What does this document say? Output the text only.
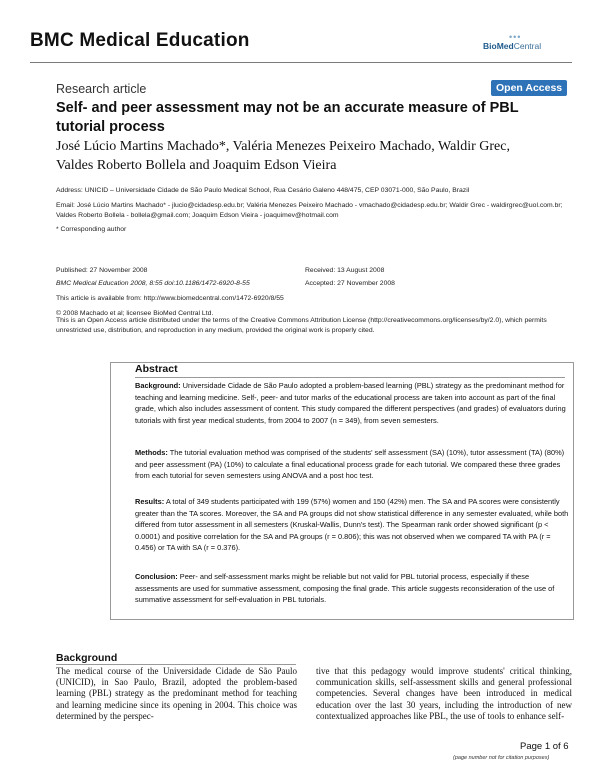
BMC Medical Education	•••
BioMedCentral
Research article	Open Access
Self- and peer assessment may not be an accurate measure of PBL tutorial process
José Lúcio Martins Machado*, Valéria Menezes Peixeiro Machado, Waldir Grec, Valdes Roberto Bollela and Joaquim Edson Vieira
Address: UNICID – Universidade Cidade de São Paulo Medical School, Rua Cesário Galeno 448/475, CEP 03071-000, São Paulo, Brazil
Email: José Lúcio Martins Machado* - jlucio@cidadesp.edu.br; Valéria Menezes Peixeiro Machado - vmachado@cidadesp.edu.br; Waldir Grec - waldirgrec@uol.com.br; Valdes Roberto Bollela - bollela@gmail.com; Joaquim Edson Vieira - joaquimev@hotmail.com
* Corresponding author
Published: 27 November 2008
BMC Medical Education 2008, 8:55 doi:10.1186/1472-6920-8-55
Received: 13 August 2008
Accepted: 27 November 2008
This article is available from: http://www.biomedcentral.com/1472-6920/8/55
© 2008 Machado et al; licensee BioMed Central Ltd.
This is an Open Access article distributed under the terms of the Creative Commons Attribution License (http://creativecommons.org/licenses/by/2.0), which permits unrestricted use, distribution, and reproduction in any medium, provided the original work is properly cited.
Abstract
Background: Universidade Cidade de São Paulo adopted a problem-based learning (PBL) strategy as the predominant method for teaching and learning medicine. Self-, peer- and tutor marks of the educational process are taken into account as part of the final grade, which also includes assessment of content. This study compared the different perspectives (and grades) of evaluators during tutorials with first year medical students, from 2004 to 2007 (n = 349), from seven semesters.
Methods: The tutorial evaluation method was comprised of the students' self assessment (SA) (10%), tutor assessment (TA) (80%) and peer assessment (PA) (10%) to calculate a final educational process grade for each tutorial. We compared these three grades from each tutorial for seven semesters using ANOVA and a post hoc test.
Results: A total of 349 students participated with 199 (57%) women and 150 (42%) men. The SA and PA scores were consistently greater than the TA scores. Moreover, the SA and PA groups did not show statistical difference in any semester evaluated, while both differed from tutor assessment in all semesters (Kruskal-Wallis, Dunn's test). The Spearman rank order showed significant (p < 0.0001) and positive correlation for the SA and PA groups (r = 0.806); this was not observed when we compared TA with PA (r = 0.456) or TA with SA (r = 0.376).
Conclusion: Peer- and self-assessment marks might be reliable but not valid for PBL tutorial process, especially if these assessments are used for summative assessment, composing the final grade. This article suggests reconsideration of the use of summative assessment for self-evaluation in PBL tutorials.
Background
The medical course of the Universidade Cidade de São Paulo (UNICID), in Sao Paulo, Brazil, adopted the problem-based learning (PBL) strategy as the predominant method for teaching and learning medicine since its opening in 2004. This choice was determined by the perspec-
tive that this pedagogy would improve students' critical thinking, communication skills, self-assessment skills and general professional competencies. Several changes have been introduced in medical education over the last 30 years, including the introduction of new contextualized approaches like PBL, the use of tools to enhance self-
Page 1 of 6
(page number not for citation purposes)
